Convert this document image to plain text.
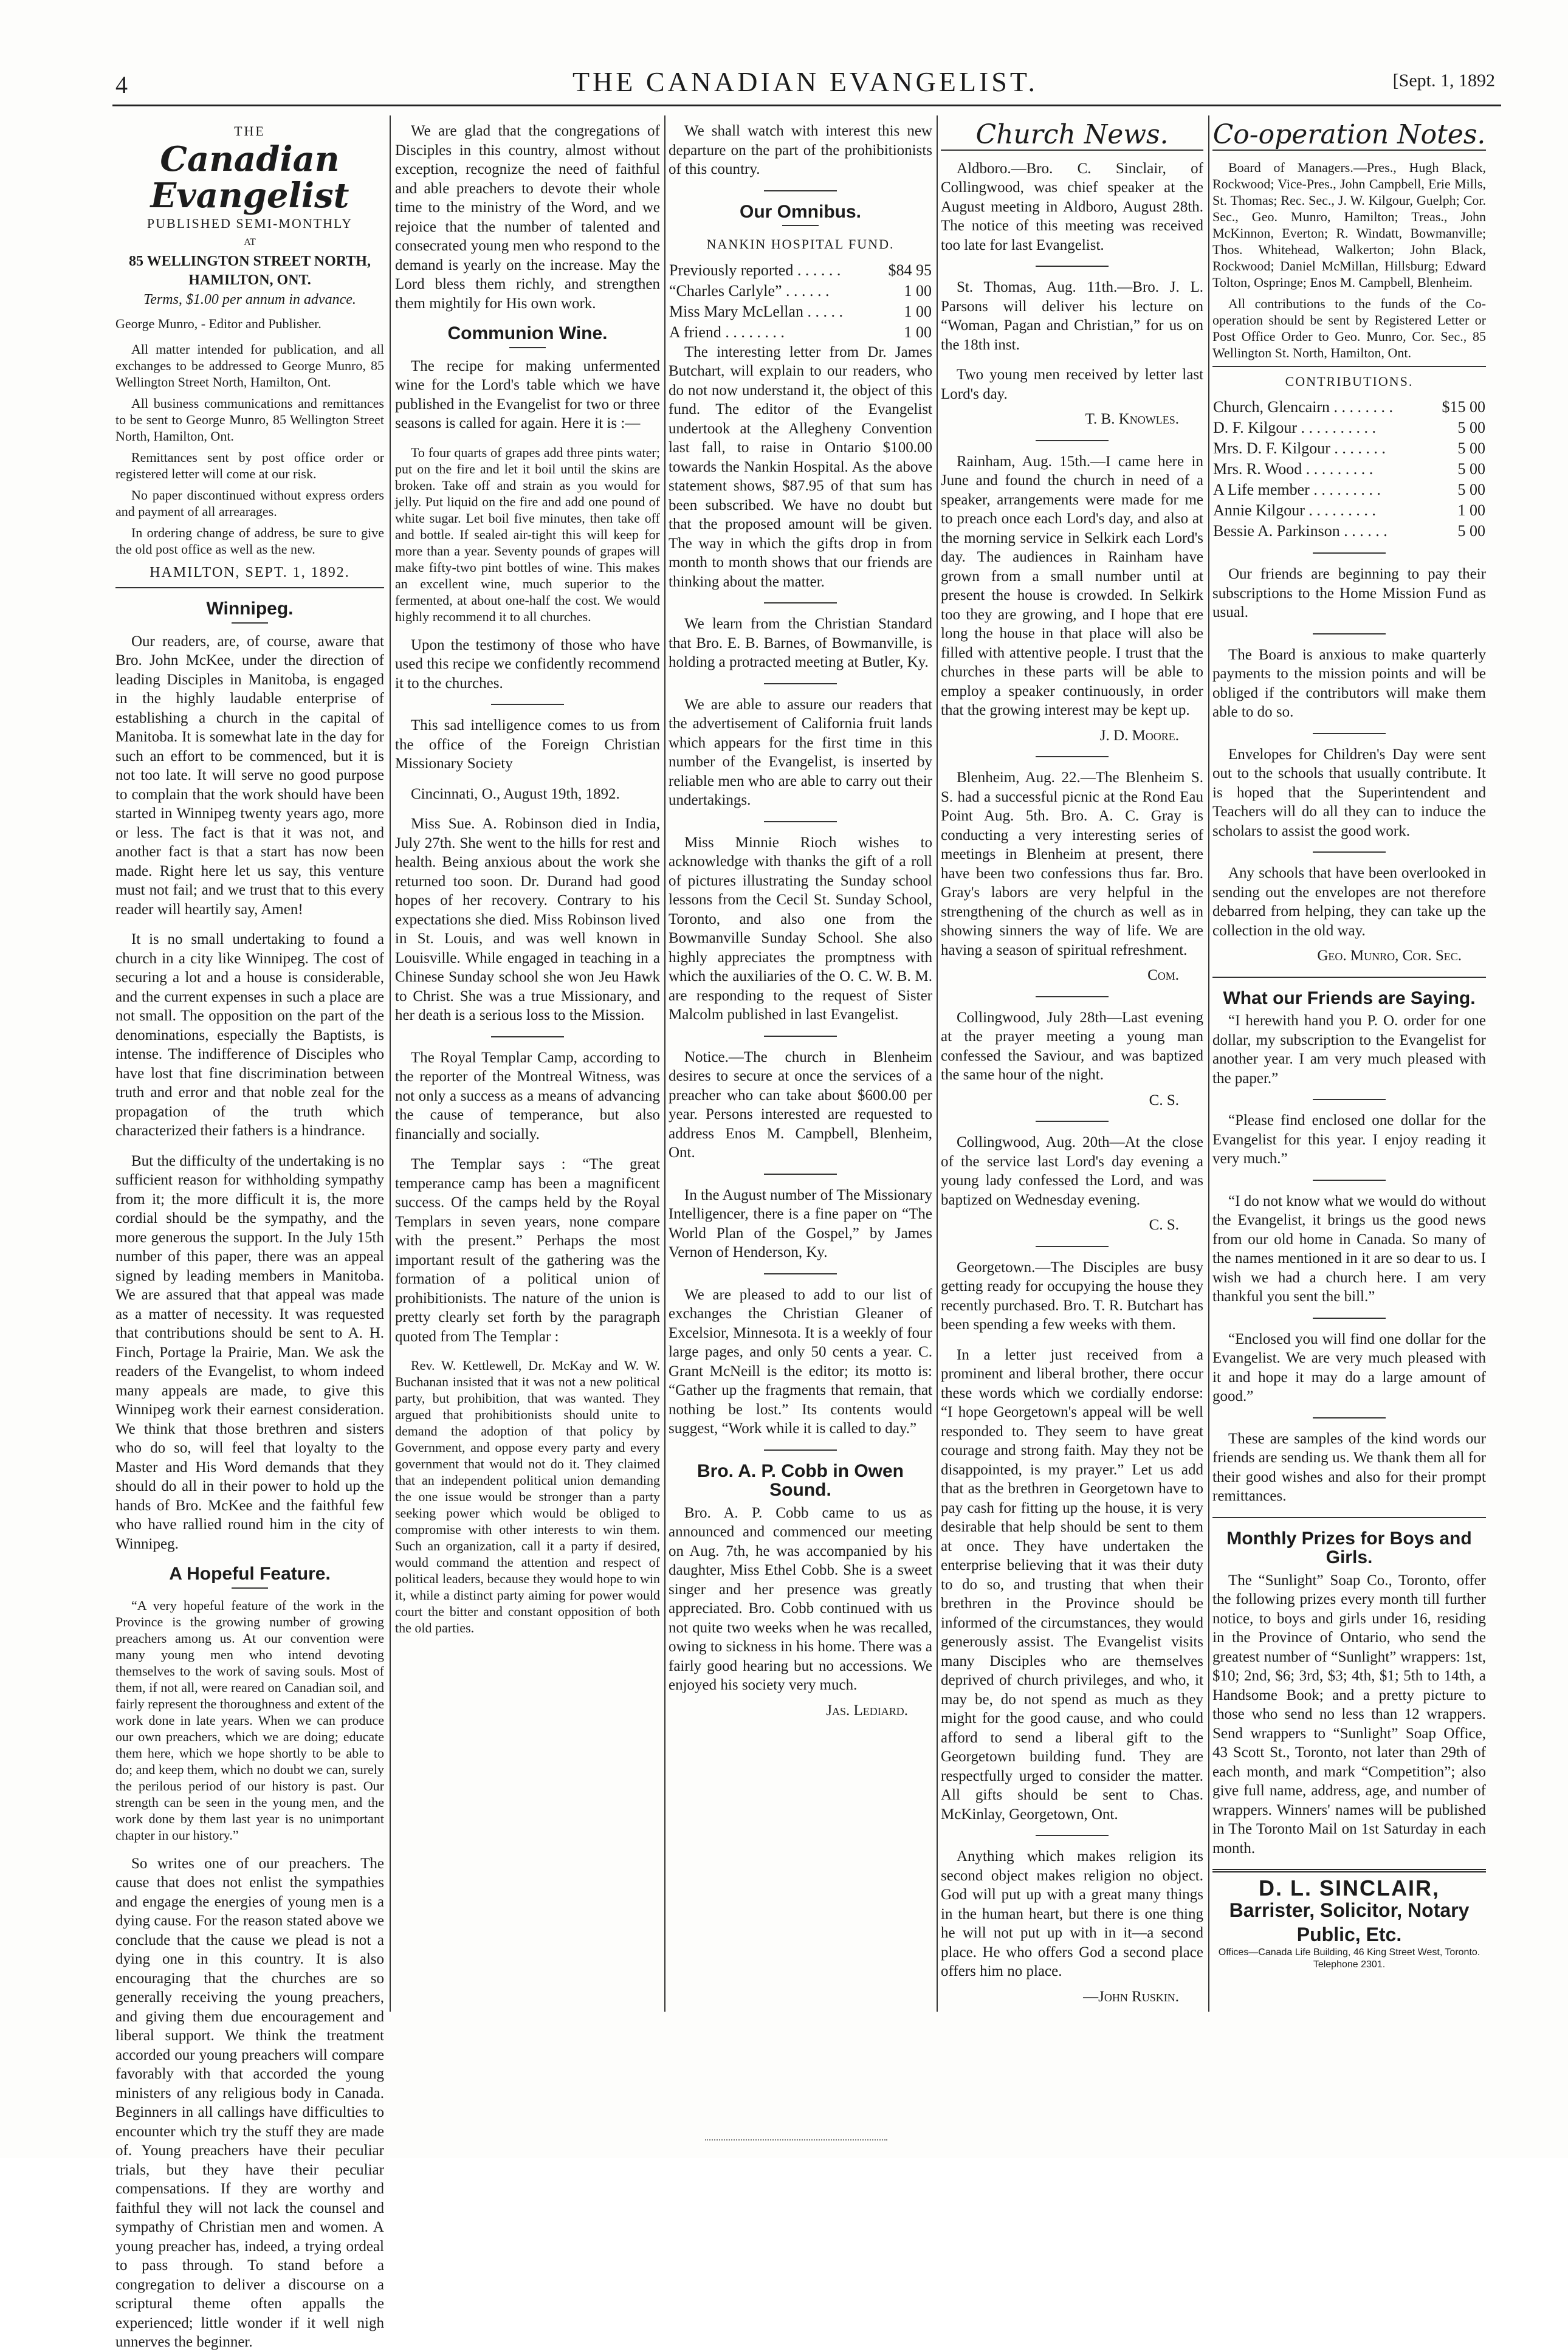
4	THE CANADIAN EVANGELIST.	[Sept. 1, 1892
THE
Canadian Evangelist
PUBLISHED SEMI-MONTHLY
AT
85 WELLINGTON STREET NORTH, HAMILTON, ONT.
Terms, $1.00 per annum in advance.
George Munro, - Editor and Publisher.

All matter intended for publication, and all exchanges to be addressed to George Munro, 85 Wellington Street North, Hamilton, Ont.

All business communications and remittances to be sent to George Munro, 85 Wellington Street North, Hamilton, Ont.

Remittances sent by post office order or registered letter will come at our risk.

No paper discontinued without express orders and payment of all arrearages.

In ordering change of address, be sure to give the old post office as well as the new.

HAMILTON, SEPT. 1, 1892.
Winnipeg.

Our readers, are, of course, aware that Bro. John McKee, under the direction of leading Disciples in Manitoba, is engaged in the highly laudable enterprise of establishing a church in the capital of Manitoba. It is somewhat late in the day for such an effort to be commenced, but it is not too late. It will serve no good purpose to complain that the work should have been started in Winnipeg twenty years ago, more or less. The fact is that it was not, and another fact is that a start has now been made. Right here let us say, this venture must not fail; and we trust that to this every reader will heartily say, Amen!

It is no small undertaking to found a church in a city like Winnipeg. The cost of securing a lot and a house is considerable, and the current expenses in such a place are not small. The opposition on the part of the denominations, especially the Baptists, is intense. The indifference of Disciples who have lost that fine discrimination between truth and error and that noble zeal for the propagation of the truth which characterized their fathers is a hindrance.

But the difficulty of the undertaking is no sufficient reason for withholding sympathy from it; the more difficult it is, the more cordial should be the sympathy, and the more generous the support. In the July 15th number of this paper, there was an appeal signed by leading members in Manitoba. We are assured that that appeal was made as a matter of necessity. It was requested that contributions should be sent to A. H. Finch, Portage la Prairie, Man. We ask the readers of the Evangelist, to whom indeed many appeals are made, to give this Winnipeg work their earnest consideration. We think that those brethren and sisters who do so, will feel that loyalty to the Master and His Word demands that they should do all in their power to hold up the hands of Bro. McKee and the faithful few who have rallied round him in the city of Winnipeg.

A Hopeful Feature.

“A very hopeful feature of the work in the Province is the growing number of growing preachers among us. At our convention were many young men who intend devoting themselves to the work of saving souls. Most of them, if not all, were reared on Canadian soil, and fairly represent the thoroughness and extent of the work done in late years. When we can produce our own preachers, which we are doing; educate them here, which we hope shortly to be able to do; and keep them, which no doubt we can, surely the perilous period of our history is past. Our strength can be seen in the young men, and the work done by them last year is no unimportant chapter in our history.”

So writes one of our preachers. The cause that does not enlist the sympathies and engage the energies of young men is a dying cause. For the reason stated above we conclude that the cause we plead is not a dying one in this country. It is also encouraging that the churches are so generally receiving the young preachers, and giving them due encouragement and liberal support. We think the treatment accorded our young preachers will compare favorably with that accorded the young ministers of any religious body in Canada. Beginners in all callings have difficulties to encounter which try the stuff they are made of. Young preachers have their peculiar trials, but they have their peculiar compensations. If they are worthy and faithful they will not lack the counsel and sympathy of Christian men and women. A young preacher has, indeed, a trying ordeal to pass through. To stand before a congregation to deliver a discourse on a scriptural theme often appalls the experienced; little wonder if it well nigh unnerves the beginner.

We are glad that the congregations of Disciples in this country, almost without exception, recognize the need of faithful and able preachers to devote their whole time to the ministry of the Word, and we rejoice that the number of talented and consecrated young men who respond to the demand is yearly on the increase. May the Lord bless them richly, and strengthen them mightily for His own work.

Communion Wine.

The recipe for making unfermented wine for the Lord's table which we have published in the Evangelist for two or three seasons is called for again. Here it is :—

To four quarts of grapes add three pints water; put on the fire and let it boil until the skins are broken. Take off and strain as you would for jelly. Put liquid on the fire and add one pound of white sugar. Let boil five minutes, then take off and bottle. If sealed air-tight this will keep for more than a year. Seventy pounds of grapes will make fifty-two pint bottles of wine. This makes an excellent wine, much superior to the fermented, at about one-half the cost. We would highly recommend it to all churches.

Upon the testimony of those who have used this recipe we confidently recommend it to the churches.

This sad intelligence comes to us from the office of the Foreign Christian Missionary Society

Cincinnati, O., August 19th, 1892.

Miss Sue. A. Robinson died in India, July 27th. She went to the hills for rest and health. Being anxious about the work she returned too soon. Dr. Durand had good hopes of her recovery. Contrary to his expectations she died. Miss Robinson lived in St. Louis, and was well known in Louisville. While engaged in teaching in a Chinese Sunday school she won Jeu Hawk to Christ. She was a true Missionary, and her death is a serious loss to the Mission.

The Royal Templar Camp, according to the reporter of the Montreal Witness, was not only a success as a means of advancing the cause of temperance, but also financially and socially.

The Templar says : “The great temperance camp has been a magnificent success. Of the camps held by the Royal Templars in seven years, none compare with the present.” Perhaps the most important result of the gathering was the formation of a political union of prohibitionists. The nature of the union is pretty clearly set forth by the paragraph quoted from The Templar :

Rev. W. Kettlewell, Dr. McKay and W. W. Buchanan insisted that it was not a new political party, but prohibition, that was wanted. They argued that prohibitionists should unite to demand the adoption of that policy by Government, and oppose every party and every government that would not do it. They claimed that an independent political union demanding the one issue would be stronger than a party seeking power which would be obliged to compromise with other interests to win them. Such an organization, call it a party if desired, would command the attention and respect of political leaders, because they would hope to win it, while a distinct party aiming for power would court the bitter and constant opposition of both the old parties.

We shall watch with interest this new departure on the part of the prohibitionists of this country.

Our Omnibus.
NANKIN HOSPITAL FUND.
Previously reported . . . . . .	$84 95
“Charles Carlyle” . . . . . .	1 00
Miss Mary McLellan . . . . .	1 00
A friend . . . . . . . .	1 00

The interesting letter from Dr. James Butchart, will explain to our readers, who do not now understand it, the object of this fund. The editor of the Evangelist undertook at the Allegheny Convention last fall, to raise in Ontario $100.00 towards the Nankin Hospital. As the above statement shows, $87.95 of that sum has been subscribed. We have no doubt but that the proposed amount will be given. The way in which the gifts drop in from month to month shows that our friends are thinking about the matter.

We learn from the Christian Standard that Bro. E. B. Barnes, of Bowmanville, is holding a protracted meeting at Butler, Ky.

We are able to assure our readers that the advertisement of California fruit lands which appears for the first time in this number of the Evangelist, is inserted by reliable men who are able to carry out their undertakings.

Miss Minnie Rioch wishes to acknowledge with thanks the gift of a roll of pictures illustrating the Sunday school lessons from the Cecil St. Sunday School, Toronto, and also one from the Bowmanville Sunday School. She also highly appreciates the promptness with which the auxiliaries of the O. C. W. B. M. are responding to the request of Sister Malcolm published in last Evangelist.

Notice.—The church in Blenheim desires to secure at once the services of a preacher who can take about $600.00 per year. Persons interested are requested to address Enos M. Campbell, Blenheim, Ont.

In the August number of The Missionary Intelligencer, there is a fine paper on “The World Plan of the Gospel,” by James Vernon of Henderson, Ky.

We are pleased to add to our list of exchanges the Christian Gleaner of Excelsior, Minnesota. It is a weekly of four large pages, and only 50 cents a year. C. Grant McNeill is the editor; its motto is: “Gather up the fragments that remain, that nothing be lost.” Its contents would suggest, “Work while it is called to day.”

Bro. A. P. Cobb in Owen Sound.

Bro. A. P. Cobb came to us as announced and commenced our meeting on Aug. 7th, he was accompanied by his daughter, Miss Ethel Cobb. She is a sweet singer and her presence was greatly appreciated. Bro. Cobb continued with us not quite two weeks when he was recalled, owing to sickness in his home. There was a fairly good hearing but no accessions. We enjoyed his society very much.

Jas. Lediard.
Church News.

Aldboro.—Bro. C. Sinclair, of Collingwood, was chief speaker at the August meeting in Aldboro, August 28th. The notice of this meeting was received too late for last Evangelist.

St. Thomas, Aug. 11th.—Bro. J. L. Parsons will deliver his lecture on “Woman, Pagan and Christian,” for us on the 18th inst.

Two young men received by letter last Lord's day.

T. B. Knowles.

Rainham, Aug. 15th.—I came here in June and found the church in need of a speaker, arrangements were made for me to preach once each Lord's day, and also at the morning service in Selkirk each Lord's day. The audiences in Rainham have grown from a small number until at present the house is crowded. In Selkirk too they are growing, and I hope that ere long the house in that place will also be filled with attentive people. I trust that the churches in these parts will be able to employ a speaker continuously, in order that the growing interest may be kept up.

J. D. Moore.

Blenheim, Aug. 22.—The Blenheim S. S. had a successful picnic at the Rond Eau Point Aug. 5th. Bro. A. C. Gray is conducting a very interesting series of meetings in Blenheim at present, there have been two confessions thus far. Bro. Gray's labors are very helpful in the strengthening of the church as well as in showing sinners the way of life. We are having a season of spiritual refreshment.

Com.

Collingwood, July 28th—Last evening at the prayer meeting a young man confessed the Saviour, and was baptized the same hour of the night.

C. S.

Collingwood, Aug. 20th—At the close of the service last Lord's day evening a young lady confessed the Lord, and was baptized on Wednesday evening.

C. S.

Georgetown.—The Disciples are busy getting ready for occupying the house they recently purchased. Bro. T. R. Butchart has been spending a few weeks with them.

In a letter just received from a prominent and liberal brother, there occur these words which we cordially endorse: “I hope Georgetown's appeal will be well responded to. They seem to have great courage and strong faith. May they not be disappointed, is my prayer.” Let us add that as the brethren in Georgetown have to pay cash for fitting up the house, it is very desirable that help should be sent to them at once. They have undertaken the enterprise believing that it was their duty to do so, and trusting that when their brethren in the Province should be informed of the circumstances, they would generously assist. The Evangelist visits many Disciples who are themselves deprived of church privileges, and who, it may be, do not spend as much as they might for the good cause, and who could afford to send a liberal gift to the Georgetown building fund. They are respectfully urged to consider the matter. All gifts should be sent to Chas. McKinlay, Georgetown, Ont.

Anything which makes religion its second object makes religion no object. God will put up with a great many things in the human heart, but there is one thing he will not put up with in it—a second place. He who offers God a second place offers him no place.

—John Ruskin.
Co-operation Notes.

Board of Managers.—Pres., Hugh Black, Rockwood; Vice-Pres., John Campbell, Erie Mills, St. Thomas; Rec. Sec., J. W. Kilgour, Guelph; Cor. Sec., Geo. Munro, Hamilton; Treas., John McKinnon, Everton; R. Windatt, Bowmanville; Thos. Whitehead, Walkerton; John Black, Rockwood; Daniel McMillan, Hillsburg; Edward Tolton, Ospringe; Enos M. Campbell, Blenheim.

All contributions to the funds of the Co-operation should be sent by Registered Letter or Post Office Order to Geo. Munro, Cor. Sec., 85 Wellington St. North, Hamilton, Ont.

CONTRIBUTIONS.
Church, Glencairn . . . . . . . .	$15 00
D. F. Kilgour . . . . . . . . . .	5 00
Mrs. D. F. Kilgour . . . . . . .	5 00
Mrs. R. Wood . . . . . . . . .	5 00
A Life member . . . . . . . . .	5 00
Annie Kilgour . . . . . . . . .	1 00
Bessie A. Parkinson . . . . . .	5 00

Our friends are beginning to pay their subscriptions to the Home Mission Fund as usual.

The Board is anxious to make quarterly payments to the mission points and will be obliged if the contributors will make them able to do so.

Envelopes for Children's Day were sent out to the schools that usually contribute. It is hoped that the Superintendent and Teachers will do all they can to induce the scholars to assist the good work.

Any schools that have been overlooked in sending out the envelopes are not therefore debarred from helping, they can take up the collection in the old way.

Geo. Munro, Cor. Sec.
What our Friends are Saying.

“I herewith hand you P. O. order for one dollar, my subscription to the Evangelist for another year. I am very much pleased with the paper.”

“Please find enclosed one dollar for the Evangelist for this year. I enjoy reading it very much.”

“I do not know what we would do without the Evangelist, it brings us the good news from our old home in Canada. So many of the names mentioned in it are so dear to us. I wish we had a church here. I am very thankful you sent the bill.”

“Enclosed you will find one dollar for the Evangelist. We are very much pleased with it and hope it may do a large amount of good.”

These are samples of the kind words our friends are sending us. We thank them all for their good wishes and also for their prompt remittances.

Monthly Prizes for Boys and Girls.

The “Sunlight” Soap Co., Toronto, offer the following prizes every month till further notice, to boys and girls under 16, residing in the Province of Ontario, who send the greatest number of “Sunlight” wrappers: 1st, $10; 2nd, $6; 3rd, $3; 4th, $1; 5th to 14th, a Handsome Book; and a pretty picture to those who send no less than 12 wrappers. Send wrappers to “Sunlight” Soap Office, 43 Scott St., Toronto, not later than 29th of each month, and mark “Competition”; also give full name, address, age, and number of wrappers. Winners' names will be published in The Toronto Mail on 1st Saturday in each month.

D. L. SINCLAIR,
Barrister, Solicitor, Notary
Public, Etc.
Offices—Canada Life Building, 46 King Street West, Toronto. Telephone 2301.
